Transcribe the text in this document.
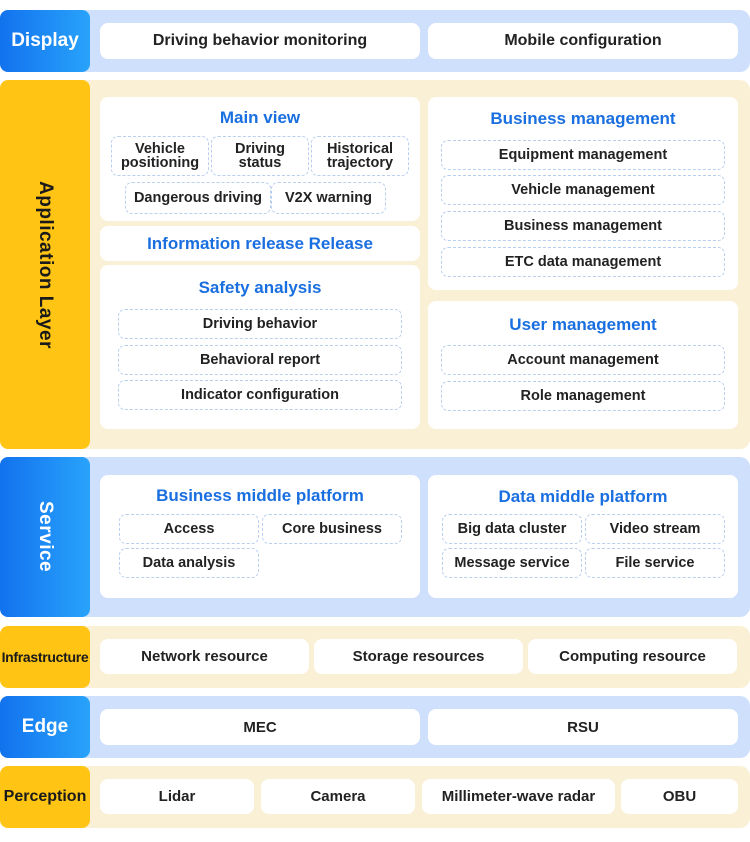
Display	Driving behavior monitoring	Mobile configuration
Application Layer
Main view
Vehicle positioning
Driving status
Historical trajectory
Dangerous driving	V2X warning
Information release Release
Safety analysis
Driving behavior
Behavioral report
Indicator configuration
Business management
Equipment management
Vehicle management
Business management
ETC data management
User management
Account management
Role management
Service
Business middle platform
Access	Core business
Data analysis
Data middle platform
Big data cluster	Video stream
Message service	File service
Infrastructure	Network resource	Storage resources	Computing resource
Edge	MEC	RSU
Perception	Lidar	Camera	Millimeter-wave radar	OBU
